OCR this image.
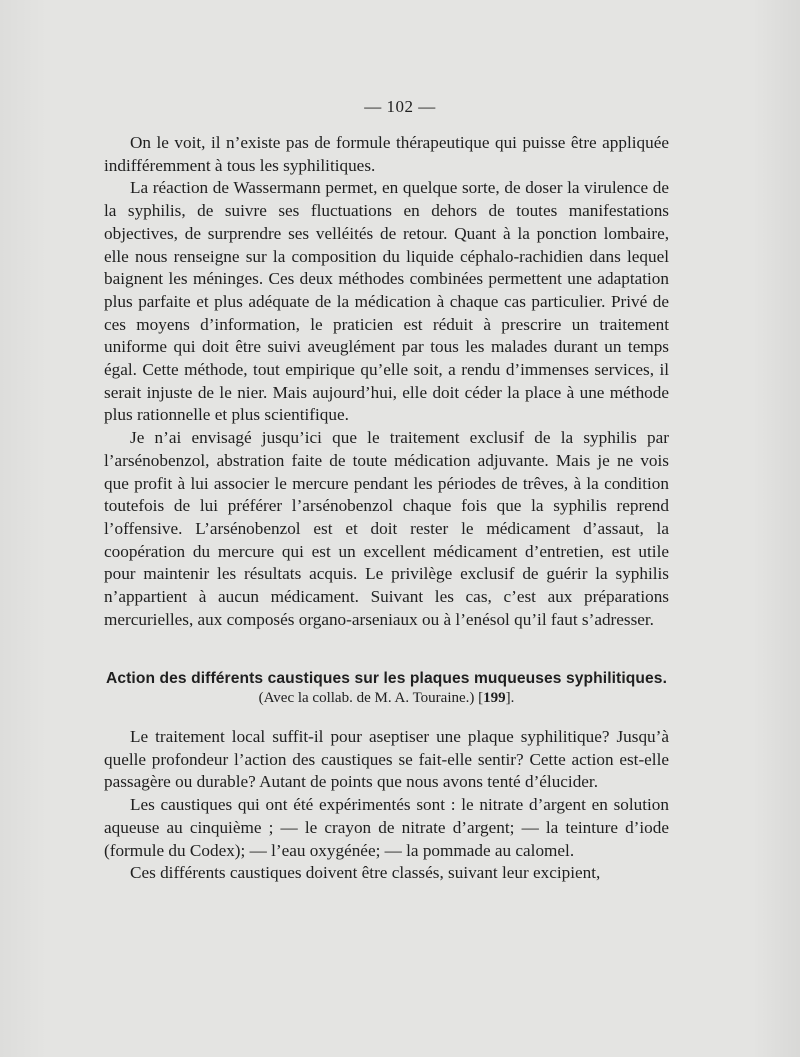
— 102 —

On le voit, il n’existe pas de formule thérapeutique qui puisse être appliquée indifféremment à tous les syphilitiques.

La réaction de Wassermann permet, en quelque sorte, de doser la virulence de la syphilis, de suivre ses fluctuations en dehors de toutes manifestations objectives, de surprendre ses velléités de retour. Quant à la ponction lombaire, elle nous renseigne sur la composition du liquide céphalo-rachidien dans lequel baignent les méninges. Ces deux méthodes combinées permettent une adaptation plus parfaite et plus adéquate de la médication à chaque cas particulier. Privé de ces moyens d’information, le praticien est réduit à prescrire un traitement uniforme qui doit être suivi aveuglément par tous les malades durant un temps égal. Cette méthode, tout empirique qu’elle soit, a rendu d’immenses services, il serait injuste de le nier. Mais aujourd’hui, elle doit céder la place à une méthode plus rationnelle et plus scientifique.

Je n’ai envisagé jusqu’ici que le traitement exclusif de la syphilis par l’arsénobenzol, abstration faite de toute médication adjuvante. Mais je ne vois que profit à lui associer le mercure pendant les périodes de trêves, à la condition toutefois de lui préférer l’arsénobenzol chaque fois que la syphilis reprend l’offensive. L’arsénobenzol est et doit rester le médicament d’assaut, la coopération du mercure qui est un excellent médicament d’entretien, est utile pour maintenir les résultats acquis. Le privilège exclusif de guérir la syphilis n’appartient à aucun médicament. Suivant les cas, c’est aux préparations mercurielles, aux composés organo-arseniaux ou à l’enésol qu’il faut s’adresser.

Action des différents caustiques sur les plaques muqueuses syphilitiques.
(Avec la collab. de M. A. Touraine.) [199].

Le traitement local suffit-il pour aseptiser une plaque syphilitique? Jusqu’à quelle profondeur l’action des caustiques se fait-elle sentir? Cette action est-elle passagère ou durable? Autant de points que nous avons tenté d’élucider.

Les caustiques qui ont été expérimentés sont : le nitrate d’argent en solution aqueuse au cinquième ; — le crayon de nitrate d’argent; — la teinture d’iode (formule du Codex); — l’eau oxygénée; — la pommade au calomel.

Ces différents caustiques doivent être classés, suivant leur excipient,
